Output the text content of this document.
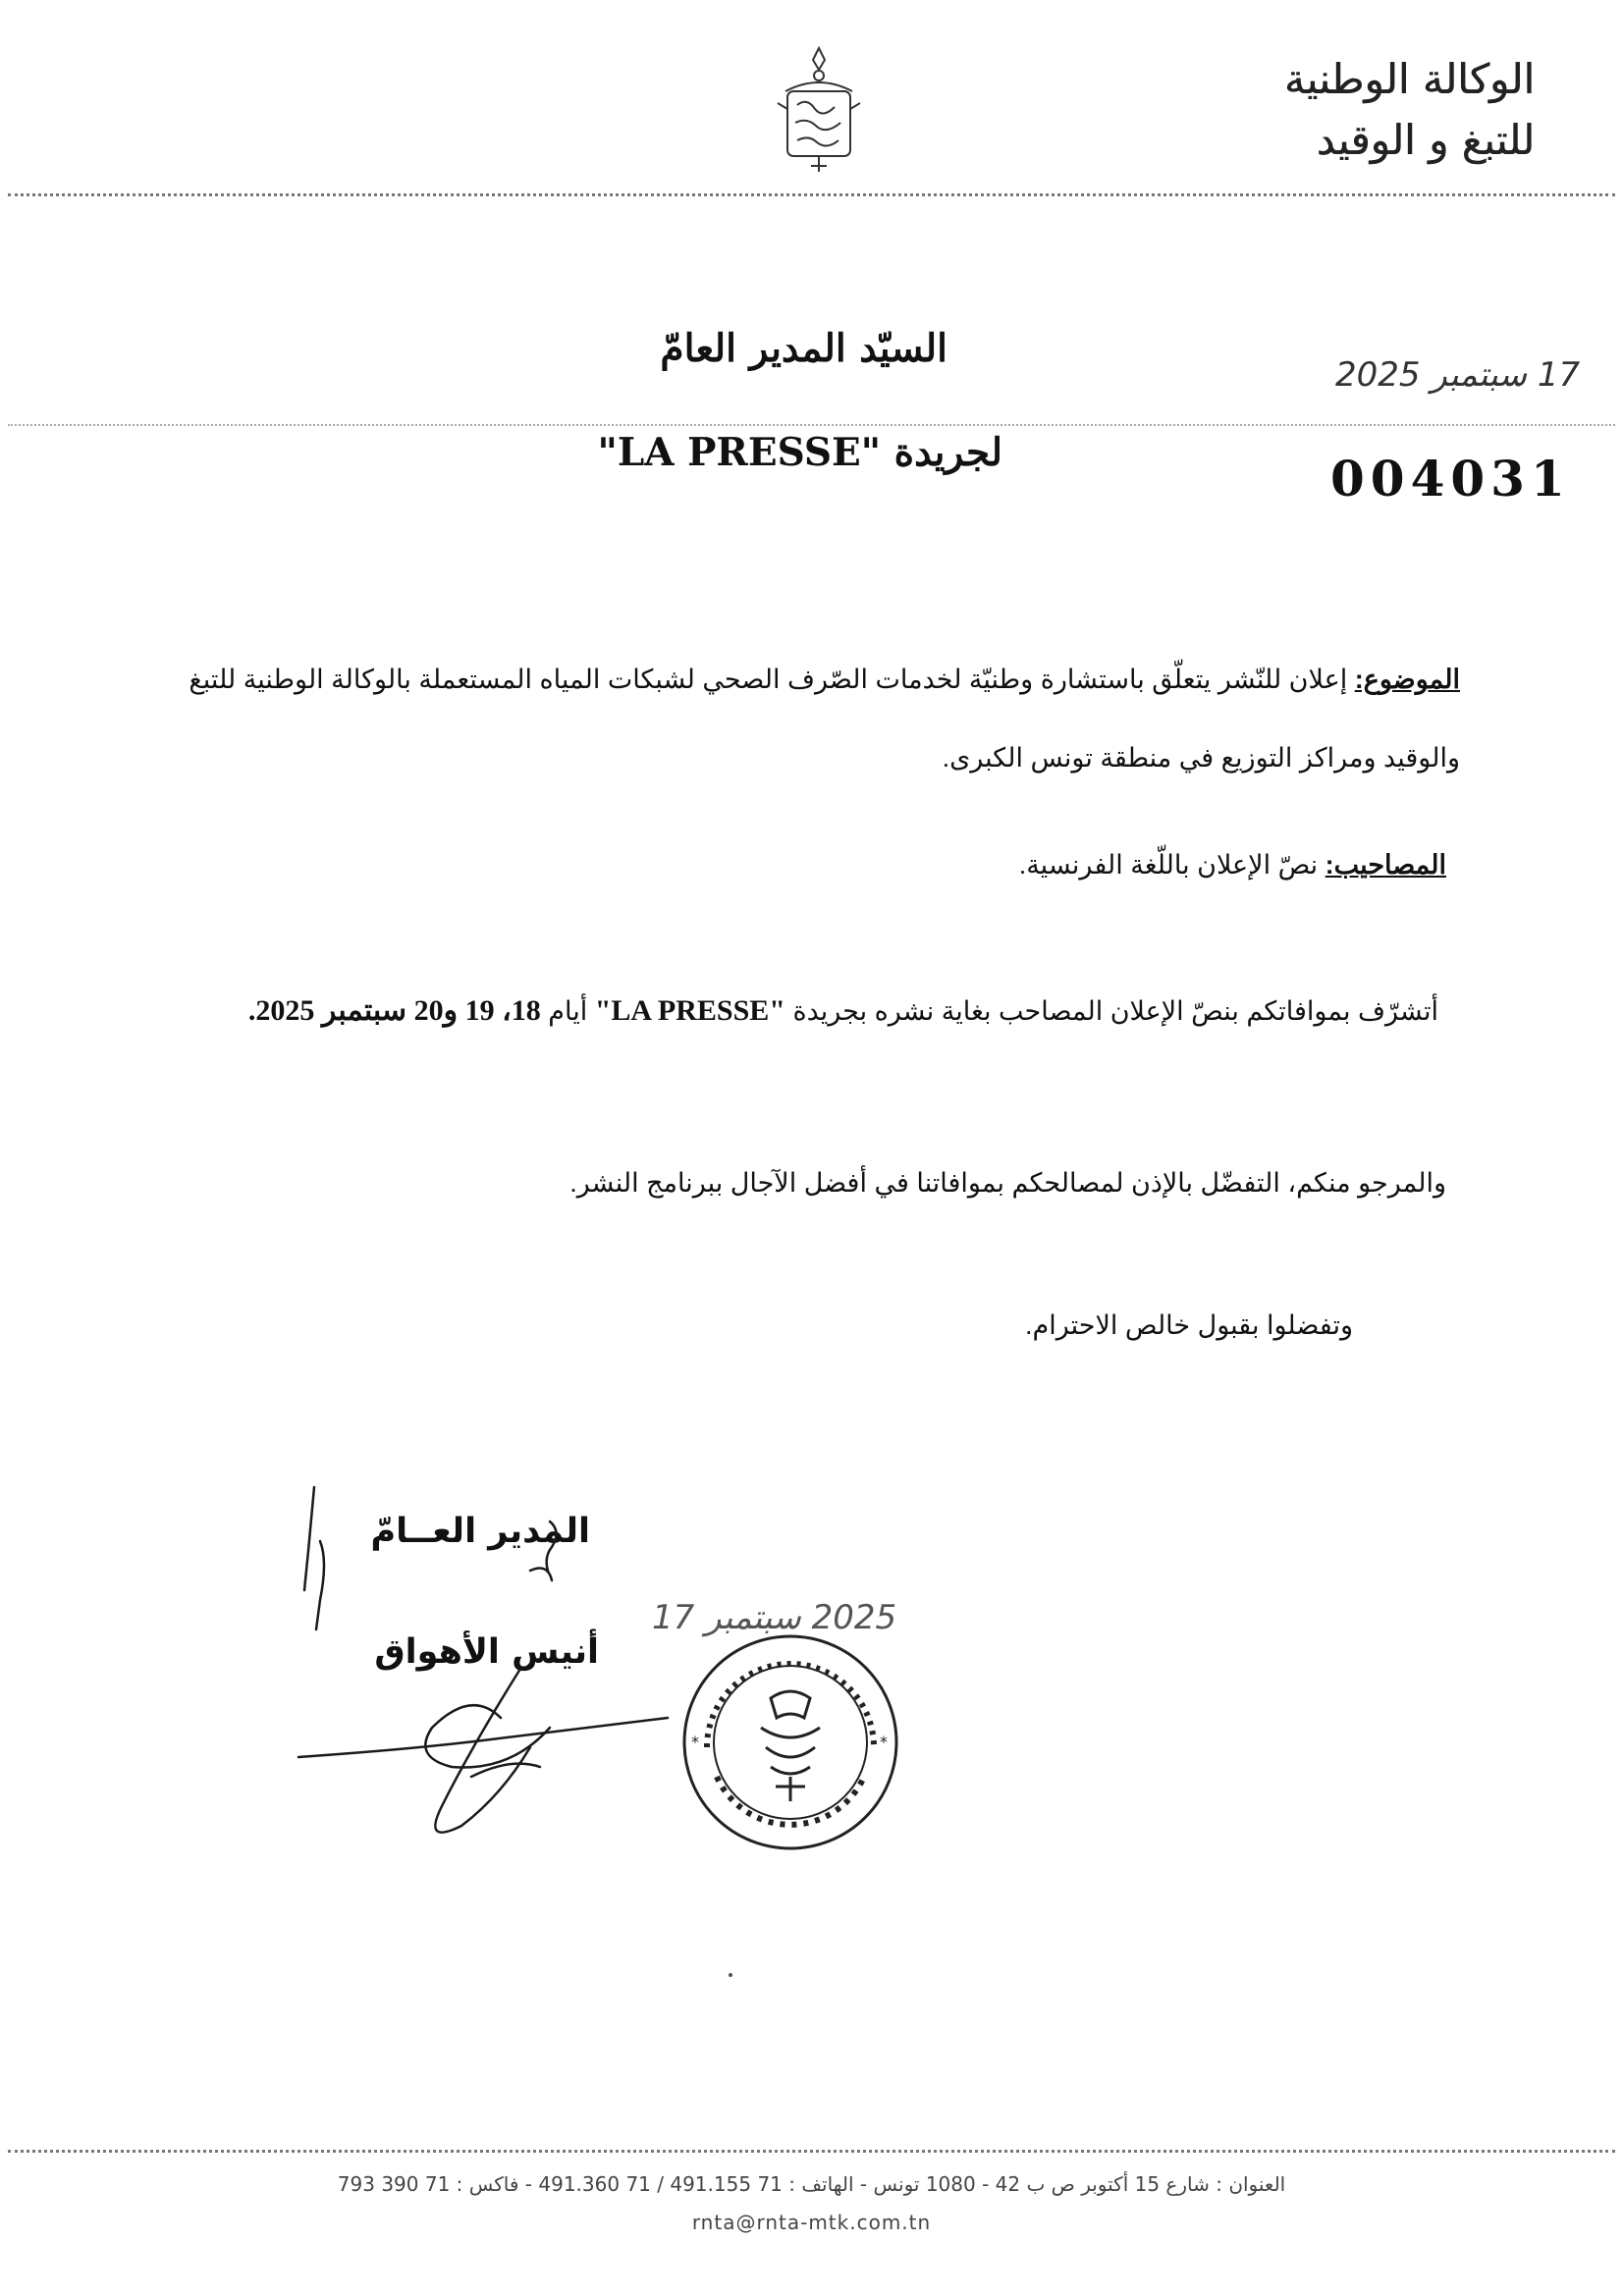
الوكالة الوطنية
للتبغ و الوقيد
السيّد المدير العامّ
لجريدة "LA PRESSE"
17 سبتمبر 2025
004031
الموضوع: إعلان للنّشر يتعلّق باستشارة وطنيّة لخدمات الصّرف الصحي لشبكات المياه المستعملة بالوكالة الوطنية للتبغ والوقيد ومراكز التوزيع في منطقة تونس الكبرى.
المصاحيب: نصّ الإعلان باللّغة الفرنسية.
أتشرّف بموافاتكم بنصّ الإعلان المصاحب بغاية نشره بجريدة "LA PRESSE" أيام 18، 19 و20 سبتمبر 2025.
والمرجو منكم، التفضّل بالإذن لمصالحكم بموافاتنا في أفضل الآجال ببرنامج النشر.
وتفضلوا بقبول خالص الاحترام.
المدير العــامّ
أنيس الأهواق
2025 سبتمبر 17
*	*
العنوان : شارع 15 أكتوبر ص ب 42 - 1080 تونس - الهاتف : 71 491.155 / 71 491.360 - فاكس : 71 390 793
rnta@rnta-mtk.com.tn
